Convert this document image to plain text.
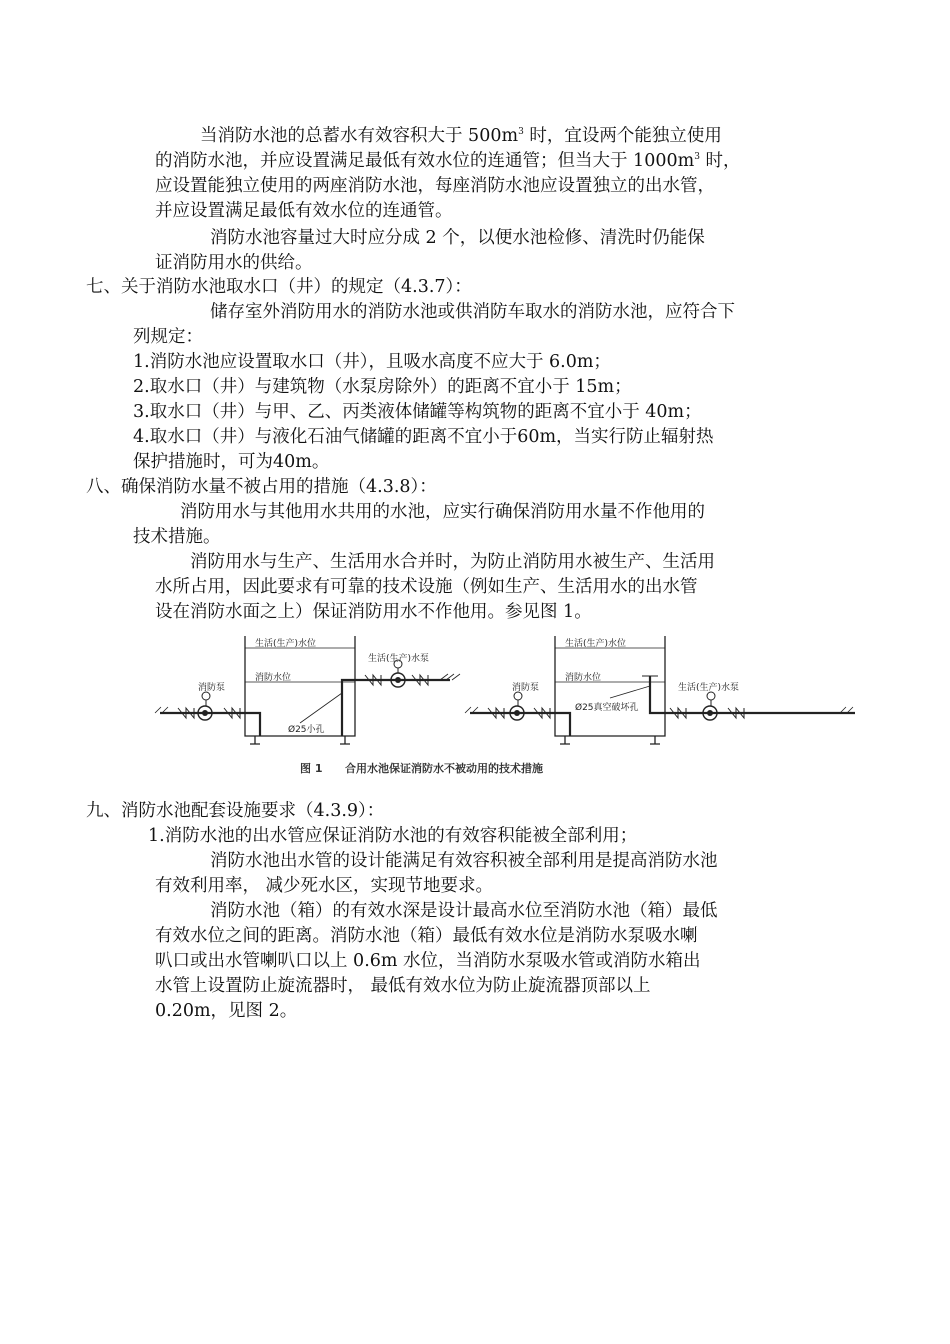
当消防水池的总蓄水有效容积大于 $500m^3$ 时，宜设两个能独立使用
的消防水池，并应设置满足最低有效水位的连通管；但当大于 $1000m^3$ 时，
应设置能独立使用的两座消防水池，每座消防水池应设置独立的出水管，
并应设置满足最低有效水位的连通管。
消防水池容量过大时应分成 2 个，以便水池检修、清洗时仍能保
证消防用水的供给。
七、关于消防水池取水口（井）的规定（4.3.7）：
储存室外消防用水的消防水池或供消防车取水的消防水池，应符合下
列规定：
1.消防水池应设置取水口（井），且吸水高度不应大于 6.0m；
2.取水口（井）与建筑物（水泵房除外）的距离不宜小于 15m；
3.取水口（井）与甲、乙、丙类液体储罐等构筑物的距离不宜小于 40m；
4.取水口（井）与液化石油气储罐的距离不宜小于60m，当实行防止辐射热
保护措施时，可为40m。
八、确保消防水量不被占用的措施（4.3.8）：
消防用水与其他用水共用的水池，应实行确保消防用水量不作他用的
技术措施。
消防用水与生产、生活用水合并时，为防止消防用水被生产、生活用
水所占用，因此要求有可靠的技术设施（例如生产、生活用水的出水管
设在消防水面之上）保证消防用水不作他用。参见图 1。
生活(生产)水位
消防水位
生活(生产)水泵
消防泵
Ø25小孔
生活(生产)水位
消防水位
生活(生产)水泵
消防泵
Ø25真空破坏孔
图 1 合用水池保证消防水不被动用的技术措施
九、消防水池配套设施要求（4.3.9）：
1.消防水池的出水管应保证消防水池的有效容积能被全部利用；
消防水池出水管的设计能满足有效容积被全部利用是提高消防水池
有效利用率， 减少死水区，实现节地要求。
消防水池（箱）的有效水深是设计最高水位至消防水池（箱）最低
有效水位之间的距离。消防水池（箱）最低有效水位是消防水泵吸水喇
叭口或出水管喇叭口以上 0.6m 水位，当消防水泵吸水管或消防水箱出
水管上设置防止旋流器时， 最低有效水位为防止旋流器顶部以上
0.20m，见图 2。
